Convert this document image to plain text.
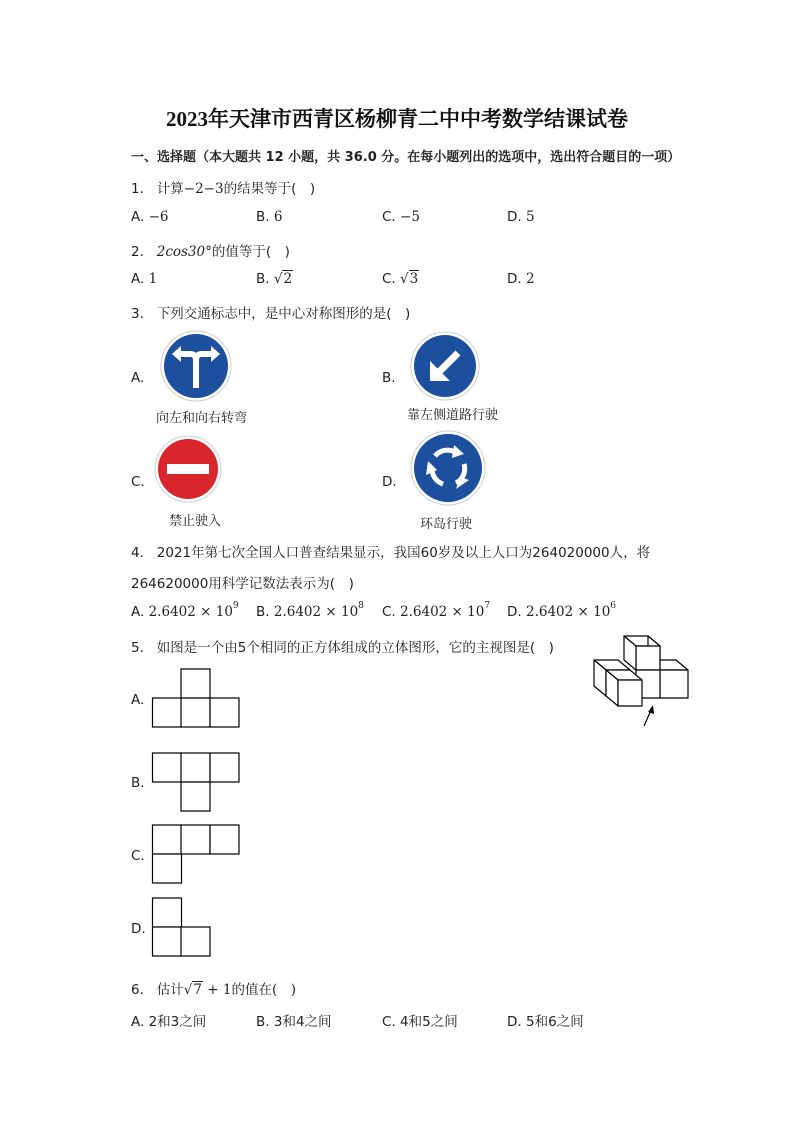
2023年天津市西青区杨柳青二中中考数学结课试卷
一、选择题（本大题共 12 小题，共 36.0 分。在每小题列出的选项中，选出符合题目的一项）
1. 计算−2−3的结果等于(　)
A. −6	B. 6	C. −5	D. 5
2. 2cos30°的值等于(　)
A. 1	B. √2	C. √3	D. 2
3. 下列交通标志中，是中心对称图形的是(　)
A.
向左和向右转弯
B.
靠左侧道路行驶
C.
禁止驶入
D.
环岛行驶
4. 2021年第七次全国人口普查结果显示，我国60岁及以上人口为264020000人，将
264620000用科学记数法表示为(　)
A. $2.6402 \times 10^9$ B. $2.6402 \times 10^8$ C. $2.6402 \times 10^7$ D. $2.6402 \times 10^6$
5. 如图是一个由5个相同的正方体组成的立体图形，它的主视图是(　)
A.
B.
C.
D.
6. 估计√7 + 1的值在(　)
A. 2和3之间	B. 3和4之间	C. 4和5之间	D. 5和6之间
